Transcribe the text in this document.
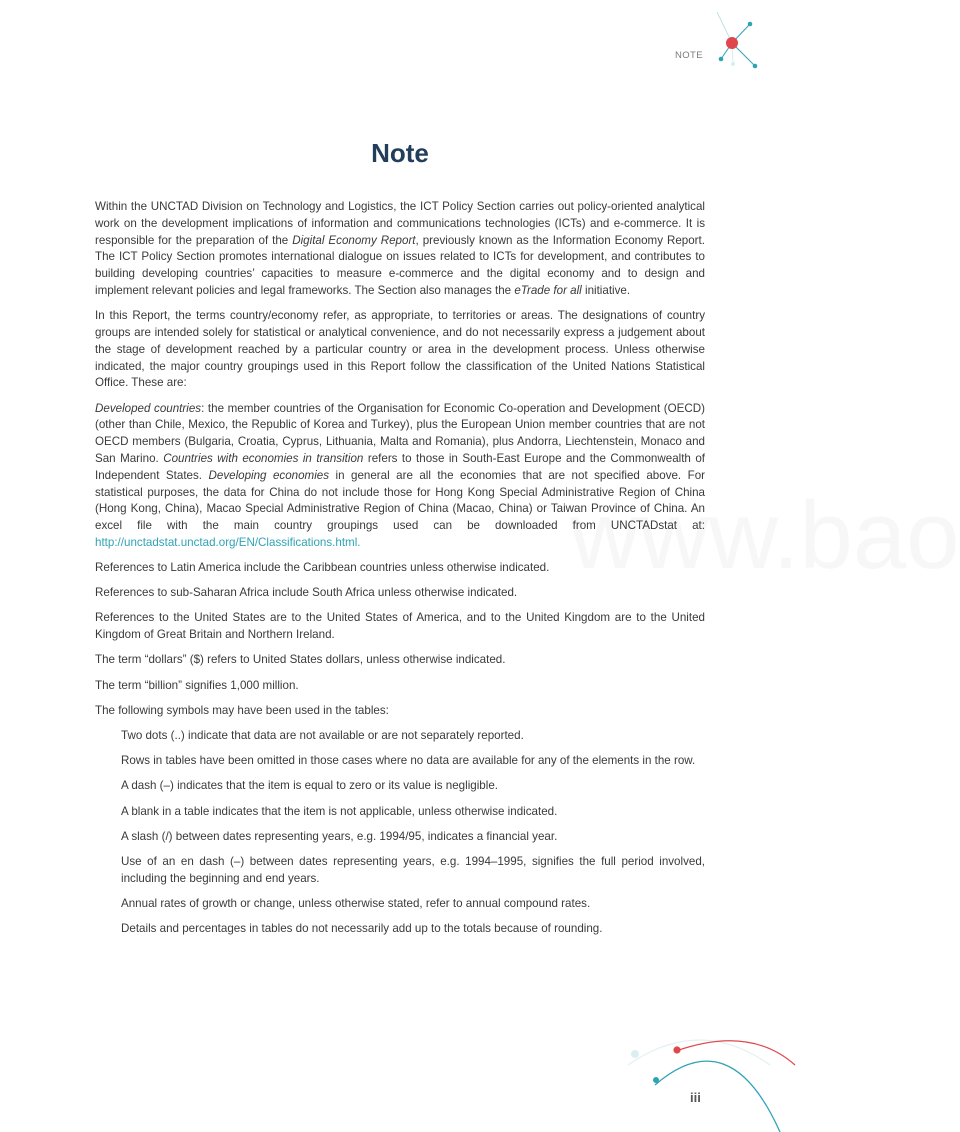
NOTE
Note
www.bao

Within the UNCTAD Division on Technology and Logistics, the ICT Policy Section carries out policy-oriented analytical work on the development implications of information and communications technologies (ICTs) and e-commerce. It is responsible for the preparation of the Digital Economy Report, previously known as the Information Economy Report. The ICT Policy Section promotes international dialogue on issues related to ICTs for development, and contributes to building developing countries’ capacities to measure e-commerce and the digital economy and to design and implement relevant policies and legal frameworks. The Section also manages the eTrade for all initiative.

In this Report, the terms country/economy refer, as appropriate, to territories or areas. The designations of country groups are intended solely for statistical or analytical convenience, and do not necessarily express a judgement about the stage of development reached by a particular country or area in the development process. Unless otherwise indicated, the major country groupings used in this Report follow the classification of the United Nations Statistical Office. These are:

Developed countries: the member countries of the Organisation for Economic Co-operation and Development (OECD) (other than Chile, Mexico, the Republic of Korea and Turkey), plus the European Union member countries that are not OECD members (Bulgaria, Croatia, Cyprus, Lithuania, Malta and Romania), plus Andorra, Liechtenstein, Monaco and San Marino. Countries with economies in transition refers to those in South-East Europe and the Commonwealth of Independent States. Developing economies in general are all the economies that are not specified above. For statistical purposes, the data for China do not include those for Hong Kong Special Administrative Region of China (Hong Kong, China), Macao Special Administrative Region of China (Macao, China) or Taiwan Province of China. An excel file with the main country groupings used can be downloaded from UNCTADstat at: http://unctadstat.unctad.org/EN/Classifications.html.

References to Latin America include the Caribbean countries unless otherwise indicated.

References to sub-Saharan Africa include South Africa unless otherwise indicated.

References to the United States are to the United States of America, and to the United Kingdom are to the United Kingdom of Great Britain and Northern Ireland.

The term “dollars” ($) refers to United States dollars, unless otherwise indicated.

The term “billion” signifies 1,000 million.

The following symbols may have been used in the tables:

Two dots (..) indicate that data are not available or are not separately reported.

Rows in tables have been omitted in those cases where no data are available for any of the elements in the row.

A dash (–) indicates that the item is equal to zero or its value is negligible.

A blank in a table indicates that the item is not applicable, unless otherwise indicated.

A slash (/) between dates representing years, e.g. 1994/95, indicates a financial year.

Use of an en dash (–) between dates representing years, e.g. 1994–1995, signifies the full period involved, including the beginning and end years.

Annual rates of growth or change, unless otherwise stated, refer to annual compound rates.

Details and percentages in tables do not necessarily add up to the totals because of rounding.

iii
